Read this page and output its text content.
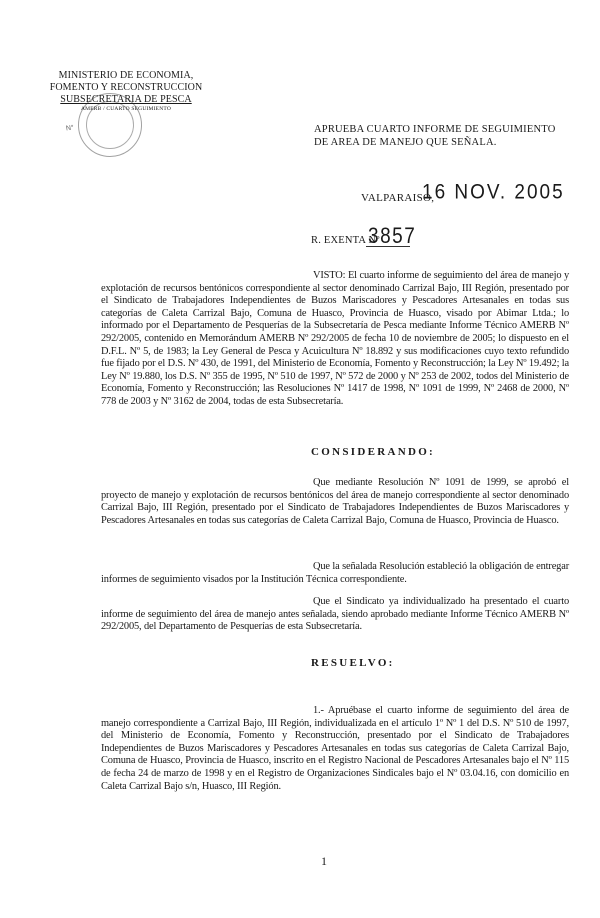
N°
MINISTERIO DE ECONOMIA,
FOMENTO Y RECONSTRUCCION
SUBSECRETARIA DE PESCA
AMERB / CUARTO SEGUIMIENTO
APRUEBA CUARTO INFORME DE SEGUIMIENTO DE AREA DE MANEJO QUE SEÑALA.
VALPARAISO,
16 NOV. 2005
R. EXENTA Nº
3857
VISTO: El cuarto informe de seguimiento del área de manejo y explotación de recursos bentónicos correspondiente al sector denominado Carrizal Bajo, III Región, presentado por el Sindicato de Trabajadores Independientes de Buzos Mariscadores y Pescadores Artesanales en todas sus categorías de Caleta Carrizal Bajo, Comuna de Huasco, Provincia de Huasco, visado por Abimar Ltda.; lo informado por el Departamento de Pesquerías de la Subsecretaría de Pesca mediante Informe Técnico AMERB Nº 292/2005, contenido en Memorándum AMERB Nº 292/2005 de fecha 10 de noviembre de 2005; lo dispuesto en el D.F.L. Nº 5, de 1983; la Ley General de Pesca y Acuicultura Nº 18.892 y sus modificaciones cuyo texto refundido fue fijado por el D.S. Nº 430, de 1991, del Ministerio de Economía, Fomento y Reconstrucción; la Ley Nº 19.492; la Ley Nº 19.880, los D.S. Nº 355 de 1995, Nº 510 de 1997, Nº 572 de 2000 y Nº 253 de 2002, todos del Ministerio de Economía, Fomento y Reconstrucción; las Resoluciones Nº 1417 de 1998, Nº 1091 de 1999, Nº 2468 de 2000, Nº 778 de 2003 y Nº 3162 de 2004, todas de esta Subsecretaría.
CONSIDERANDO:
Que mediante Resolución Nº 1091 de 1999, se aprobó el proyecto de manejo y explotación de recursos bentónicos del área de manejo correspondiente al sector denominado Carrizal Bajo, III Región, presentado por el Sindicato de Trabajadores Independientes de Buzos Mariscadores y Pescadores Artesanales en todas sus categorías de Caleta Carrizal Bajo, Comuna de Huasco, Provincia de Huasco.
Que la señalada Resolución estableció la obligación de entregar informes de seguimiento visados por la Institución Técnica correspondiente.
Que el Sindicato ya individualizado ha presentado el cuarto informe de seguimiento del área de manejo antes señalada, siendo aprobado mediante Informe Técnico AMERB Nº 292/2005, del Departamento de Pesquerías de esta Subsecretaría.
RESUELVO:
1.- Apruébase el cuarto informe de seguimiento del área de manejo correspondiente a Carrizal Bajo, III Región, individualizada en el artículo 1º Nº 1 del D.S. Nº 510 de 1997, del Ministerio de Economía, Fomento y Reconstrucción, presentado por el Sindicato de Trabajadores Independientes de Buzos Mariscadores y Pescadores Artesanales en todas sus categorías de Caleta Carrizal Bajo, Comuna de Huasco, Provincia de Huasco, inscrito en el Registro Nacional de Pescadores Artesanales bajo el Nº 115 de fecha 24 de marzo de 1998 y en el Registro de Organizaciones Sindicales bajo el Nº 03.04.16, con domicilio en Caleta Carrizal Bajo s/n, Huasco, III Región.
1
